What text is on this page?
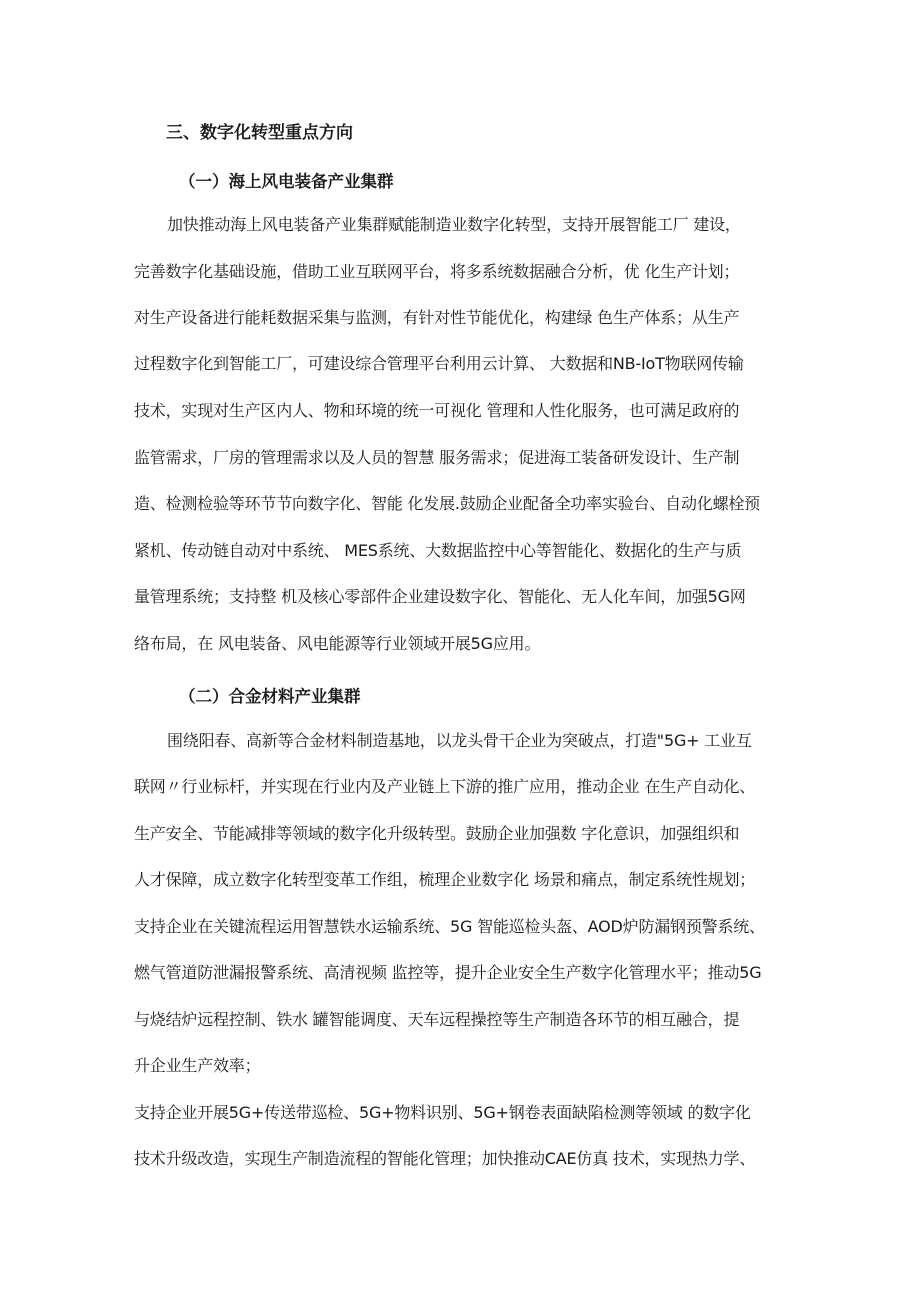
三、数字化转型重点方向
（一）海上风电装备产业集群

加快推动海上风电装备产业集群赋能制造业数字化转型，支持开展智能工厂 建设，

完善数字化基础设施，借助工业互联网平台，将多系统数据融合分析，优 化生产计划；

对生产设备进行能耗数据采集与监测，有针对性节能优化，构建绿 色生产体系；从生产

过程数字化到智能工厂，可建设综合管理平台利用云计算、 大数据和NB-IoT物联网传输

技术，实现对生产区内人、物和环境的统一可视化 管理和人性化服务，也可满足政府的

监管需求，厂房的管理需求以及人员的智慧 服务需求；促进海工装备研发设计、生产制

造、检测检验等环节节向数字化、智能 化发展.鼓励企业配备全功率实验台、自动化螺栓预

紧机、传动链自动对中系统、 MES系统、大数据监控中心等智能化、数据化的生产与质

量管理系统；支持整 机及核心零部件企业建设数字化、智能化、无人化车间，加强5G网

络布局，在 风电装备、风电能源等行业领域开展5G应用。

（二）合金材料产业集群

围绕阳春、高新等合金材料制造基地，以龙头骨干企业为突破点，打造"5G+ 工业互

联网〃行业标杆，并实现在行业内及产业链上下游的推广应用，推动企业 在生产自动化、

生产安全、节能减排等领域的数字化升级转型。鼓励企业加强数 字化意识，加强组织和

人才保障，成立数字化转型变革工作组，梳理企业数字化 场景和痛点，制定系统性规划；

支持企业在关键流程运用智慧铁水运输系统、5G 智能巡检头盔、AOD炉防漏钢预警系统、

燃气管道防泄漏报警系统、高清视频 监控等，提升企业安全生产数字化管理水平；推动5G

与烧结炉远程控制、铁水 罐智能调度、天车远程操控等生产制造各环节的相互融合，提

升企业生产效率；

支持企业开展5G+传送带巡检、5G+物料识别、5G+钢卷表面缺陷检测等领域 的数字化

技术升级改造，实现生产制造流程的智能化管理；加快推动CAE仿真 技术，实现热力学、
